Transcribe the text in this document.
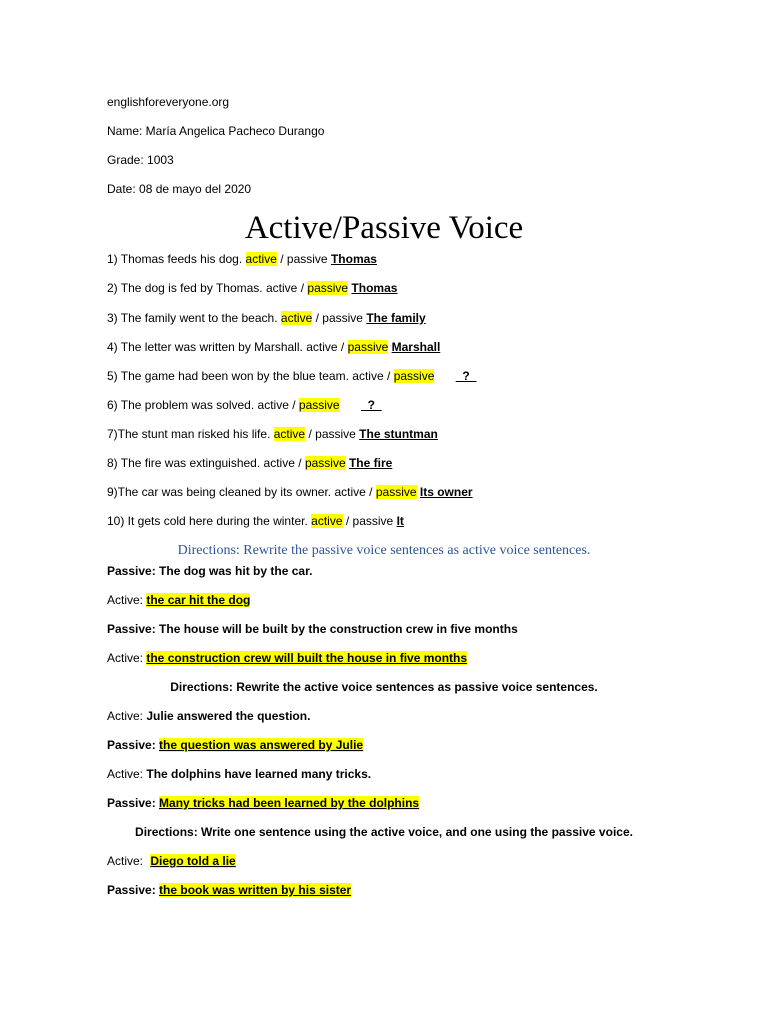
englishforeveryone.org
Name: María Angelica Pacheco Durango
Grade: 1003
Date: 08 de mayo del 2020
Active/Passive Voice
1) Thomas feeds his dog. active / passive Thomas
2) The dog is fed by Thomas. active / passive Thomas
3) The family went to the beach. active / passive The family
4) The letter was written by Marshall. active / passive Marshall
5) The game had been won by the blue team. active / passive _?_
6) The problem was solved. active / passive _?_
7)The stunt man risked his life. active / passive The stuntman
8) The fire was extinguished. active / passive The fire
9)The car was being cleaned by its owner. active / passive Its owner
10) It gets cold here during the winter. active / passive It
Directions: Rewrite the passive voice sentences as active voice sentences.
Passive: The dog was hit by the car.
Active: the car hit the dog
Passive: The house will be built by the construction crew in five months
Active: the construction crew will built the house in five months
Directions: Rewrite the active voice sentences as passive voice sentences.
Active: Julie answered the question.
Passive: the question was answered by Julie
Active: The dolphins have learned many tricks.
Passive: Many tricks had been learned by the dolphins
Directions: Write one sentence using the active voice, and one using the passive voice.
Active: Diego told a lie
Passive: the book was written by his sister
